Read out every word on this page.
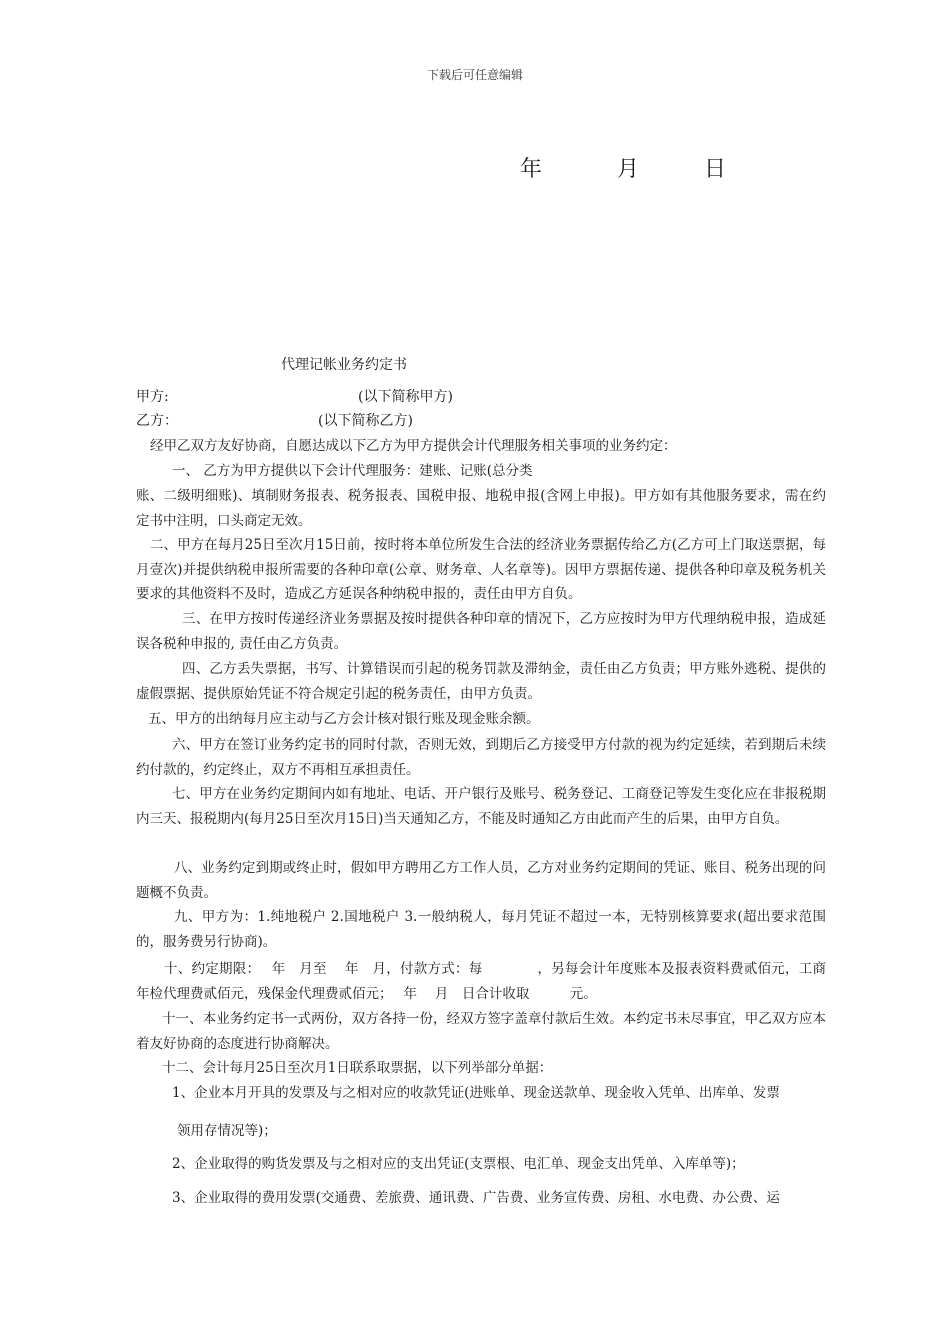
下载后可任意编辑
年	月	日
代理记帐业务约定书
甲方:	(以下简称甲方)
乙方：	(以下简称乙方)
经甲乙双方友好协商，自愿达成以下乙方为甲方提供会计代理服务相关事项的业务约定：
一、 乙方为甲方提供以下会计代理服务：建账、记账(总分类
账、二级明细账)、填制财务报表、税务报表、国税申报、地税申报(含网上申报)。甲方如有其他服务要求，需在约定书中注明，口头商定无效。
二、甲方在每月25日至次月15日前，按时将本单位所发生合法的经济业务票据传给乙方(乙方可上门取送票据，每月壹次)并提供纳税申报所需要的各种印章(公章、财务章、人名章等)。因甲方票据传递、提供各种印章及税务机关要求的其他资料不及时，造成乙方延误各种纳税申报的，责任由甲方自负。
三、在甲方按时传递经济业务票据及按时提供各种印章的情况下，乙方应按时为甲方代理纳税申报，造成延误各税种申报的, 责任由乙方负责。
四、乙方丢失票据，书写、计算错误而引起的税务罚款及滞纳金，责任由乙方负责；甲方账外逃税、提供的虚假票据、提供原始凭证不符合规定引起的税务责任，由甲方负责。
五、甲方的出纳每月应主动与乙方会计核对银行账及现金账余额。
六、甲方在签订业务约定书的同时付款，否则无效，到期后乙方接受甲方付款的视为约定延续，若到期后未续约付款的，约定终止，双方不再相互承担责任。
七、甲方在业务约定期间内如有地址、电话、开户银行及账号、税务登记、工商登记等发生变化应在非报税期内三天、报税期内(每月25日至次月15日)当天通知乙方，不能及时通知乙方由此而产生的后果，由甲方自负。
八、业务约定到期或终止时，假如甲方聘用乙方工作人员，乙方对业务约定期间的凭证、账目、税务出现的问题概不负责。
九、甲方为：1.纯地税户 2.国地税户 3.一般纳税人，每月凭证不超过一本，无特别核算要求(超出要求范围的，服务费另行协商)。
十、约定期限：　 年　月至　 年　月，付款方式：每　　　　，另每会计年度账本及报表资料费贰佰元，工商年检代理费贰佰元，残保金代理费贰佰元；　 年　 月　日合计收取　　　元。
十一、本业务约定书一式两份，双方各持一份，经双方签字盖章付款后生效。本约定书未尽事宜，甲乙双方应本着友好协商的态度进行协商解决。
十二、会计每月25日至次月1日联系取票据，以下列举部分单据：
1、企业本月开具的发票及与之相对应的收款凭证(进账单、现金送款单、现金收入凭单、出库单、发票
领用存情况等)；
2、企业取得的购货发票及与之相对应的支出凭证(支票根、电汇单、现金支出凭单、入库单等)；
3、企业取得的费用发票(交通费、差旅费、通讯费、广告费、业务宣传费、房租、水电费、办公费、运
